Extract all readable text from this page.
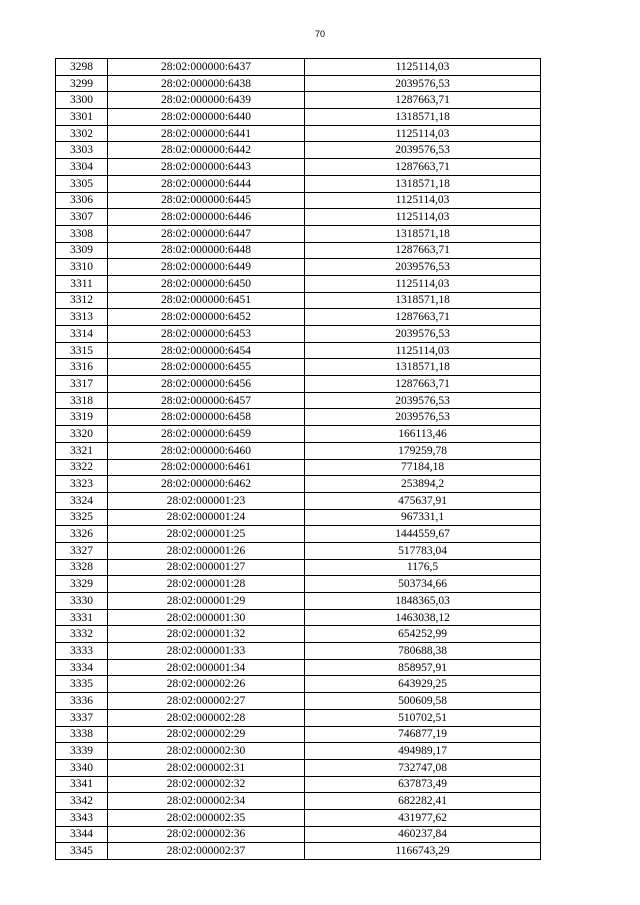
70
3298	28:02:000000:6437	1125114,03
3299	28:02:000000:6438	2039576,53
3300	28:02:000000:6439	1287663,71
3301	28:02:000000:6440	1318571,18
3302	28:02:000000:6441	1125114,03
3303	28:02:000000:6442	2039576,53
3304	28:02:000000:6443	1287663,71
3305	28:02:000000:6444	1318571,18
3306	28:02:000000:6445	1125114,03
3307	28:02:000000:6446	1125114,03
3308	28:02:000000:6447	1318571,18
3309	28:02:000000:6448	1287663,71
3310	28:02:000000:6449	2039576,53
3311	28:02:000000:6450	1125114,03
3312	28:02:000000:6451	1318571,18
3313	28:02:000000:6452	1287663,71
3314	28:02:000000:6453	2039576,53
3315	28:02:000000:6454	1125114,03
3316	28:02:000000:6455	1318571,18
3317	28:02:000000:6456	1287663,71
3318	28:02:000000:6457	2039576,53
3319	28:02:000000:6458	2039576,53
3320	28:02:000000:6459	166113,46
3321	28:02:000000:6460	179259,78
3322	28:02:000000:6461	77184,18
3323	28:02:000000:6462	253894,2
3324	28:02:000001:23	475637,91
3325	28:02:000001:24	967331,1
3326	28:02:000001:25	1444559,67
3327	28:02:000001:26	517783,04
3328	28:02:000001:27	1176,5
3329	28:02:000001:28	503734,66
3330	28:02:000001:29	1848365,03
3331	28:02:000001:30	1463038,12
3332	28:02:000001:32	654252,99
3333	28:02:000001:33	780688,38
3334	28:02:000001:34	858957,91
3335	28:02:000002:26	643929,25
3336	28:02:000002:27	500609,58
3337	28:02:000002:28	510702,51
3338	28:02:000002:29	746877,19
3339	28:02:000002:30	494989,17
3340	28:02:000002:31	732747,08
3341	28:02:000002:32	637873,49
3342	28:02:000002:34	682282,41
3343	28:02:000002:35	431977,62
3344	28:02:000002:36	460237,84
3345	28:02:000002:37	1166743,29
